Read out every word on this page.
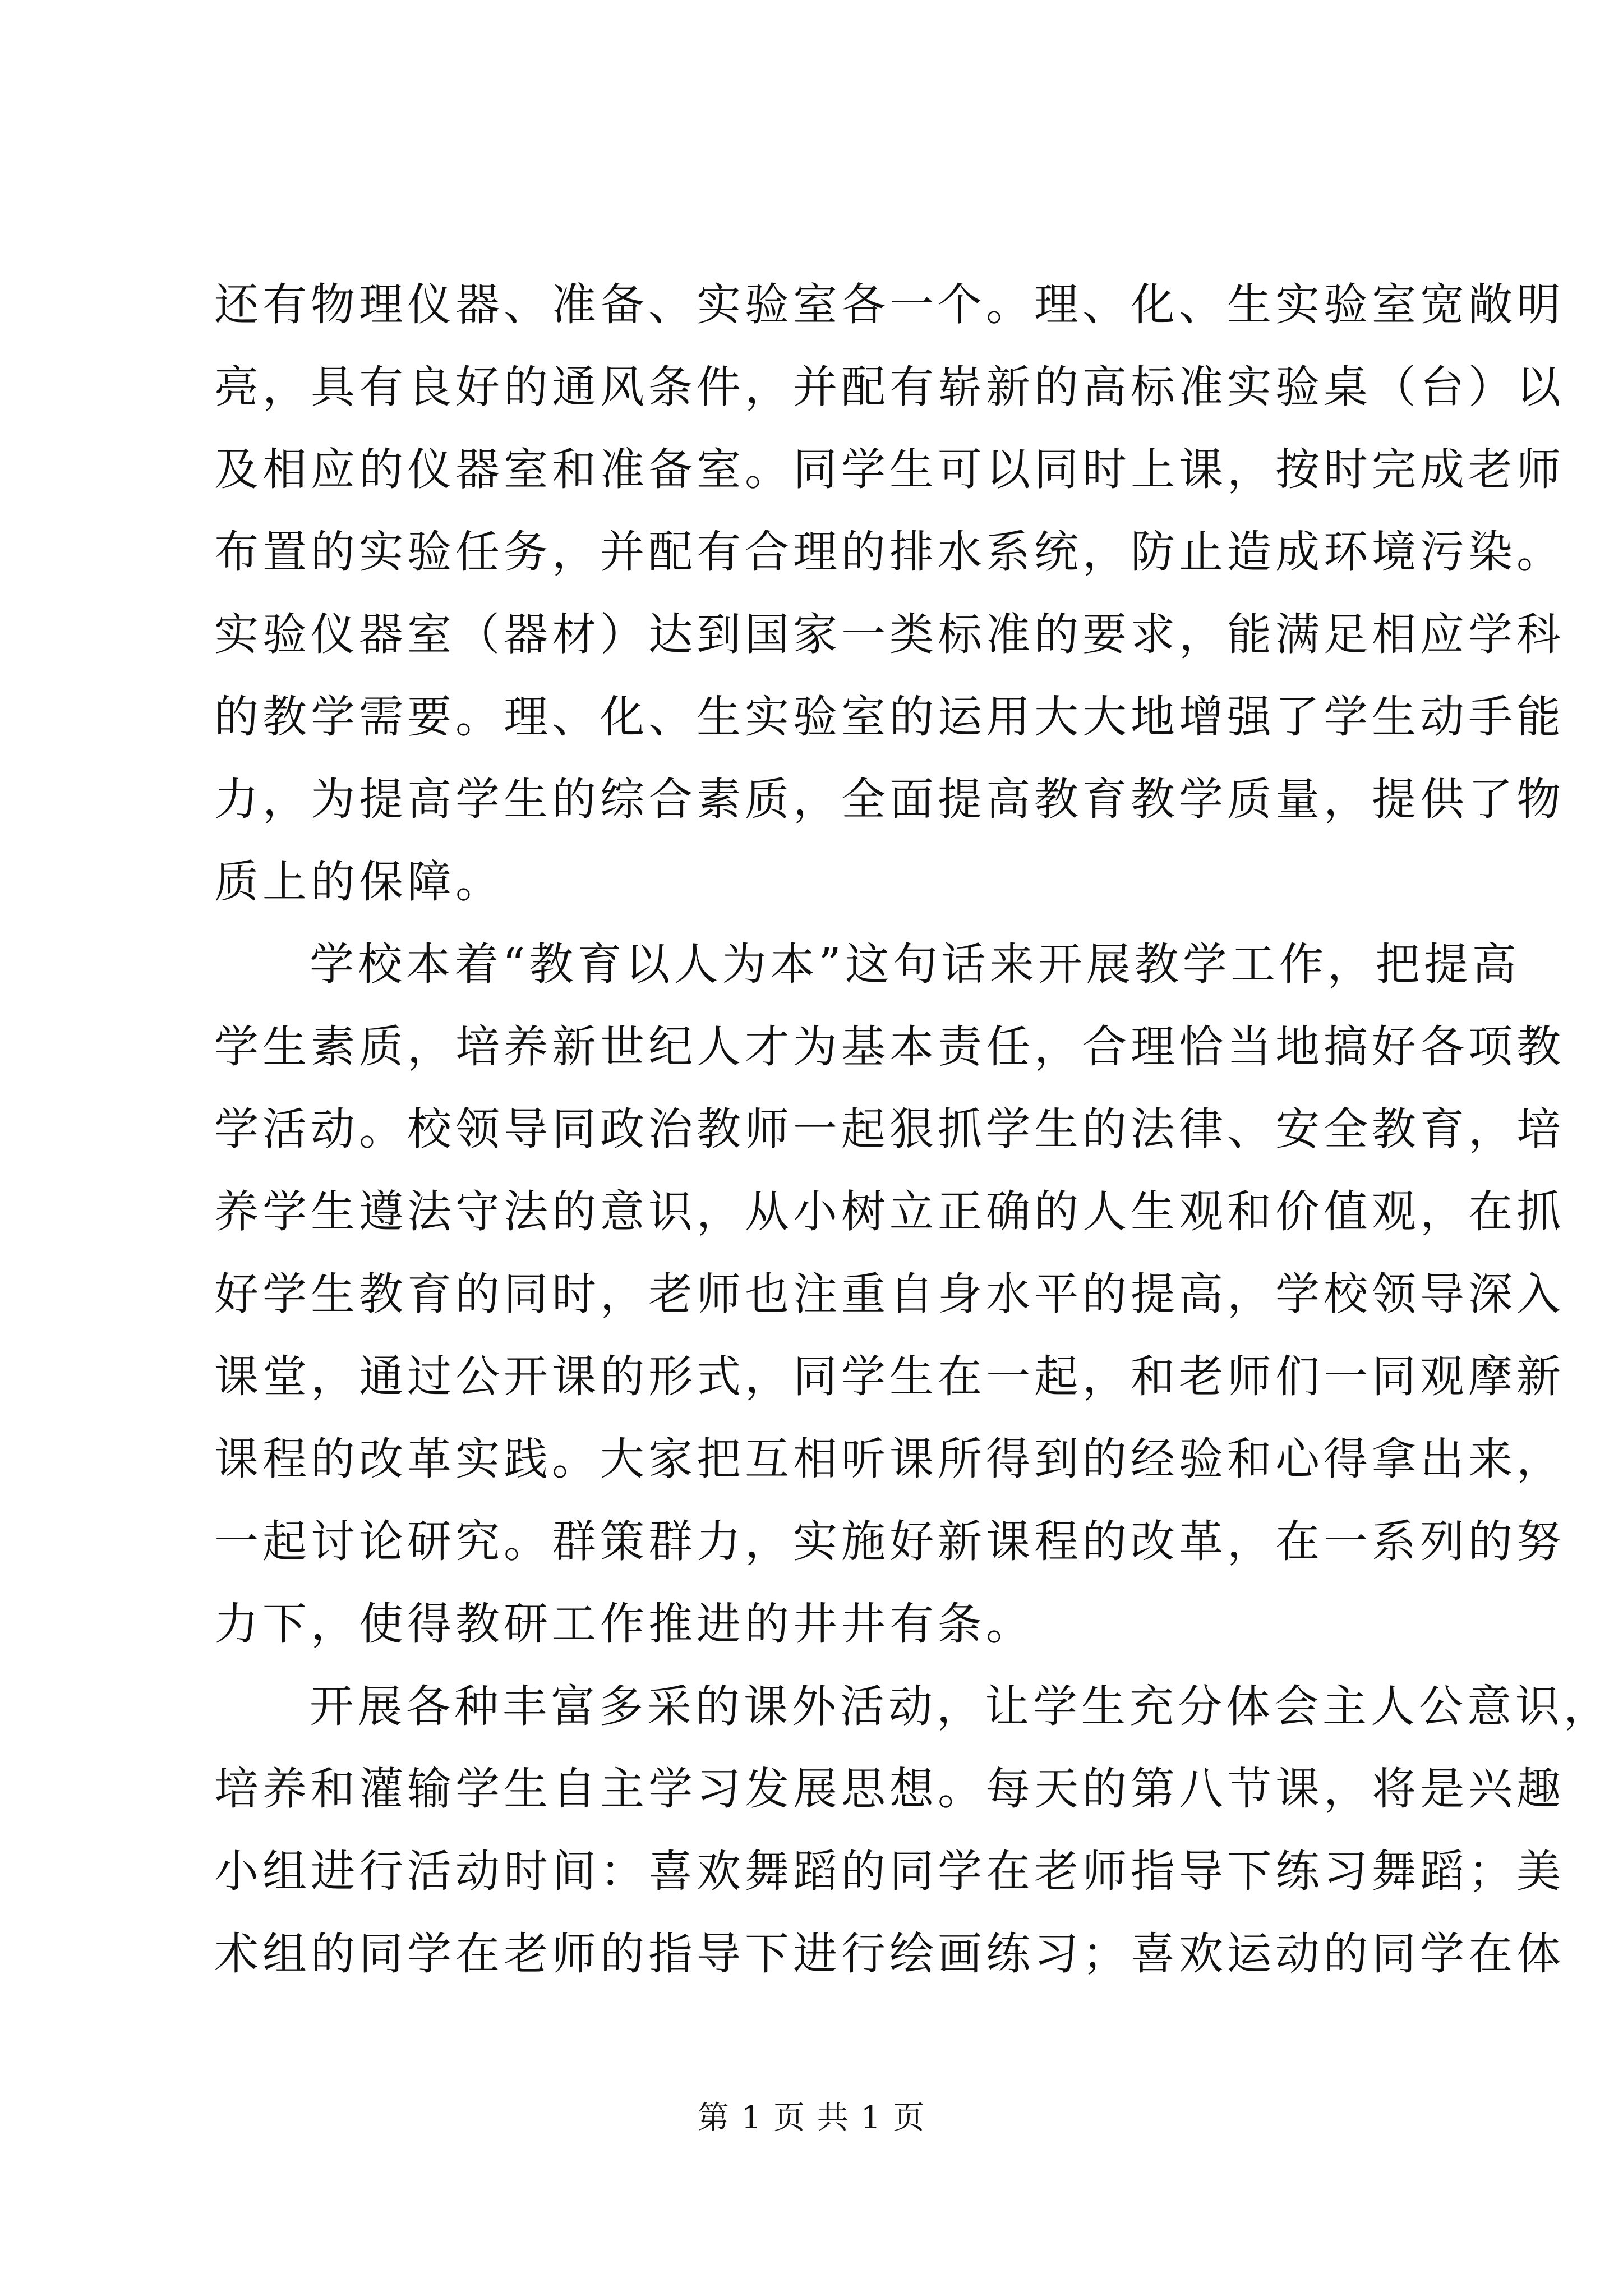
还有物理仪器、准备、实验室各一个。理、化、生实验室宽敞明
亮，具有良好的通风条件，并配有崭新的高标准实验桌（台）以
及相应的仪器室和准备室。同学生可以同时上课，按时完成老师
布置的实验任务，并配有合理的排水系统，防止造成环境污染。
实验仪器室（器材）达到国家一类标准的要求，能满足相应学科
的教学需要。理、化、生实验室的运用大大地增强了学生动手能
力，为提高学生的综合素质，全面提高教育教学质量，提供了物
质上的保障。
学校本着“教育以人为本”这句话来开展教学工作，把提高
学生素质，培养新世纪人才为基本责任，合理恰当地搞好各项教
学活动。校领导同政治教师一起狠抓学生的法律、安全教育，培
养学生遵法守法的意识，从小树立正确的人生观和价值观，在抓
好学生教育的同时，老师也注重自身水平的提高，学校领导深入
课堂，通过公开课的形式，同学生在一起，和老师们一同观摩新
课程的改革实践。大家把互相听课所得到的经验和心得拿出来，
一起讨论研究。群策群力，实施好新课程的改革，在一系列的努
力下，使得教研工作推进的井井有条。
开展各种丰富多采的课外活动，让学生充分体会主人公意识，
培养和灌输学生自主学习发展思想。每天的第八节课，将是兴趣
小组进行活动时间：喜欢舞蹈的同学在老师指导下练习舞蹈；美
术组的同学在老师的指导下进行绘画练习；喜欢运动的同学在体
第 1 页 共 1 页
